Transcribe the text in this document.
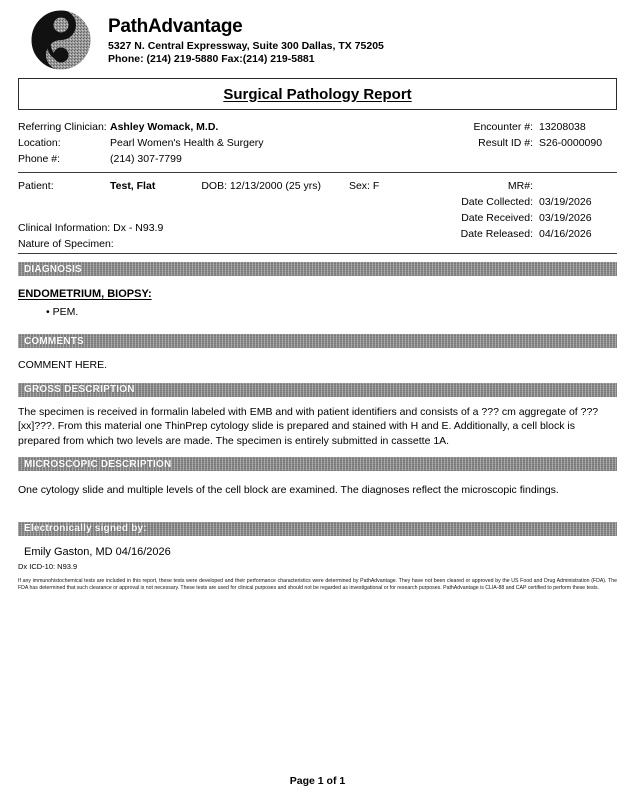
PathAdvantage
5327 N. Central Expressway, Suite 300 Dallas, TX 75205
Phone: (214) 219-5880 Fax:(214) 219-5881
Surgical Pathology Report
Referring Clinician: Ashley Womack, M.D.
Location:	Pearl Women's Health & Surgery
Phone #:	(214) 307-7799
Encounter #: 13208038
Result ID #: S26-0000090
Patient:	Test, Flat	DOB: 12/13/2000 (25 yrs)	Sex: F	MR#:
Date Collected: 03/19/2026
Date Received: 03/19/2026
Date Released: 04/16/2026
Clinical Information: Dx - N93.9
Nature of Specimen:
DIAGNOSIS
ENDOMETRIUM, BIOPSY:
• PEM.
COMMENTS
COMMENT HERE.
GROSS DESCRIPTION
The specimen is received in formalin labeled with EMB and with patient identifiers and consists of a ??? cm aggregate of ???[xx]???. From this material one ThinPrep cytology slide is prepared and stained with H and E. Additionally, a cell block is prepared from which two levels are made. The specimen is entirely submitted in cassette 1A.
MICROSCOPIC DESCRIPTION
One cytology slide and multiple levels of the cell block are examined. The diagnoses reflect the microscopic findings.
Electronically signed by:
Emily Gaston, MD 04/16/2026
Dx ICD-10: N93.9
If any immunohistochemical tests are included in this report, these tests were developed and their performance characteristics were determined by PathAdvantage. They have not been cleared or approved by the US Food and Drug Administration (FDA). The FDA has determined that such clearance or approval is not necessary. These tests are used for clinical purposes and should not be regarded as investigational or for research purposes. PathAdvantage is CLIA-88 and CAP certified to perform these tests.
Page 1 of 1
